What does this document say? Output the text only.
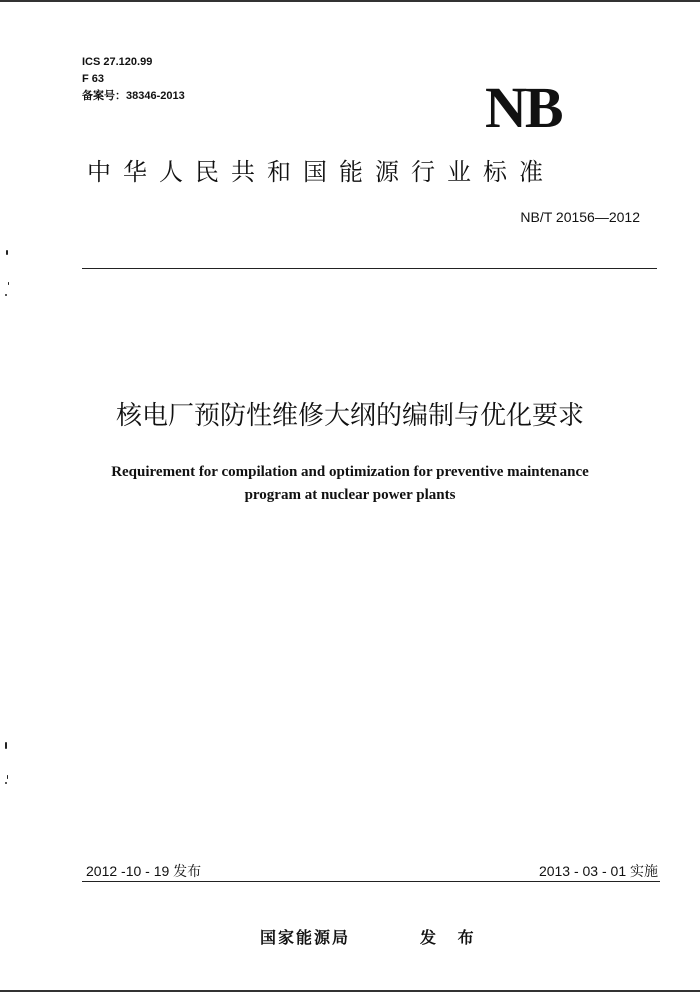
ICS 27.120.99
F 63
备案号：38346-2013	NB
中华人民共和国能源行业标准
NB/T 20156—2012
核电厂预防性维修大纲的编制与优化要求
Requirement for compilation and optimization for preventive maintenance
program at nuclear power plants
2012 -10 - 19 发布	2013 - 03 - 01 实施
国家能源局	发 布
